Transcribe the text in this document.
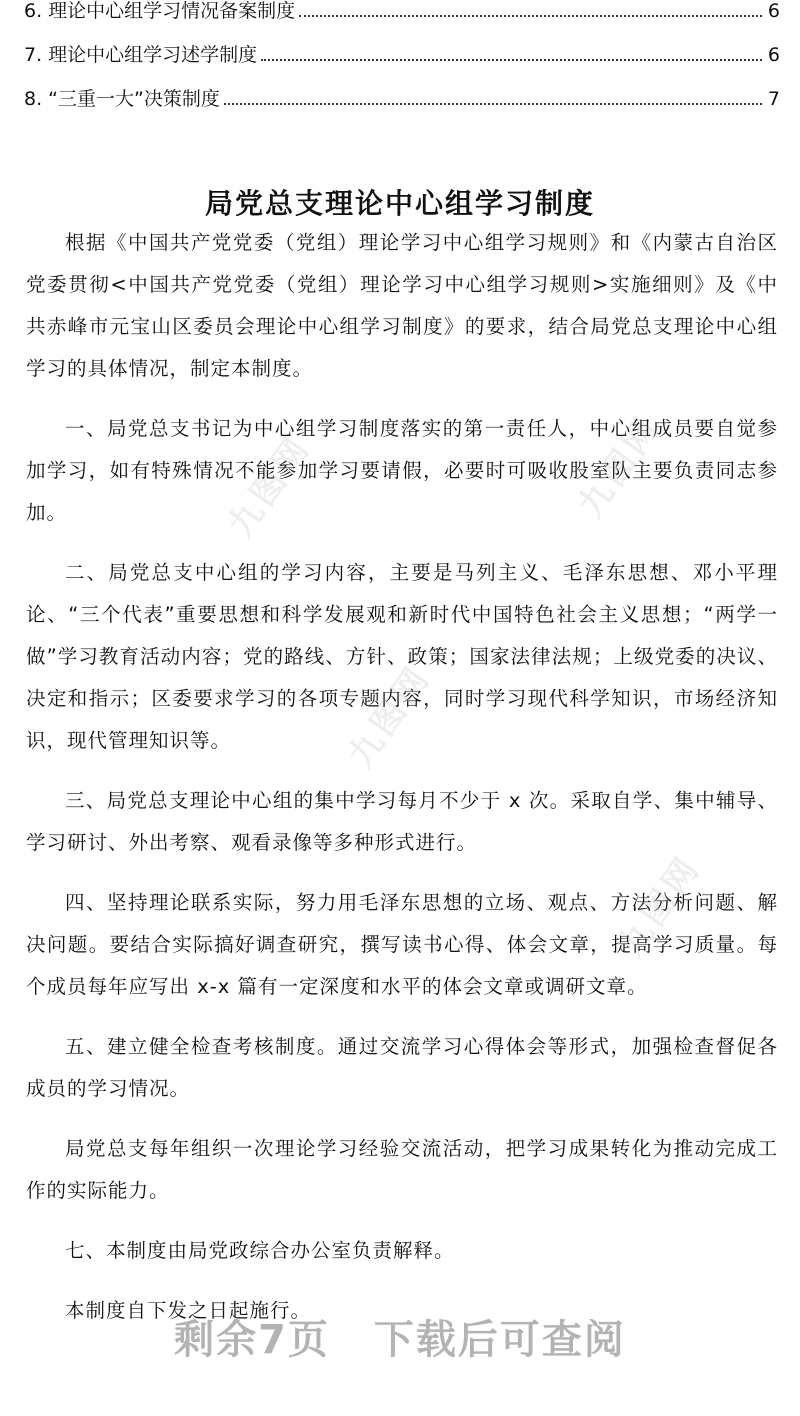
6. 理论中心组学习情况备案制度	6
7. 理论中心组学习述学制度	6
8. “三重一大”决策制度	7
局党总支理论中心组学习制度

根据《中国共产党党委（党组）理论学习中心组学习规则》和《内蒙古自治区党委贯彻<中国共产党党委（党组）理论学习中心组学习规则>实施细则》及《中共赤峰市元宝山区委员会理论中心组学习制度》的要求，结合局党总支理论中心组学习的具体情况，制定本制度。

一、局党总支书记为中心组学习制度落实的第一责任人，中心组成员要自觉参加学习，如有特殊情况不能参加学习要请假，必要时可吸收股室队主要负责同志参加。

二、局党总支中心组的学习内容，主要是马列主义、毛泽东思想、邓小平理论、“三个代表”重要思想和科学发展观和新时代中国特色社会主义思想；“两学一做”学习教育活动内容；党的路线、方针、政策；国家法律法规；上级党委的决议、决定和指示；区委要求学习的各项专题内容，同时学习现代科学知识，市场经济知识，现代管理知识等。

三、局党总支理论中心组的集中学习每月不少于 x 次。采取自学、集中辅导、学习研讨、外出考察、观看录像等多种形式进行。

四、坚持理论联系实际，努力用毛泽东思想的立场、观点、方法分析问题、解决问题。要结合实际搞好调查研究，撰写读书心得、体会文章，提高学习质量。每个成员每年应写出 x-x 篇有一定深度和水平的体会文章或调研文章。

五、建立健全检查考核制度。通过交流学习心得体会等形式，加强检查督促各成员的学习情况。

局党总支每年组织一次理论学习经验交流活动，把学习成果转化为推动完成工作的实际能力。

七、本制度由局党政综合办公室负责解释。

本制度自下发之日起施行。

九图网
九图网
九图网
九图网
剩余7页 下载后可查阅
